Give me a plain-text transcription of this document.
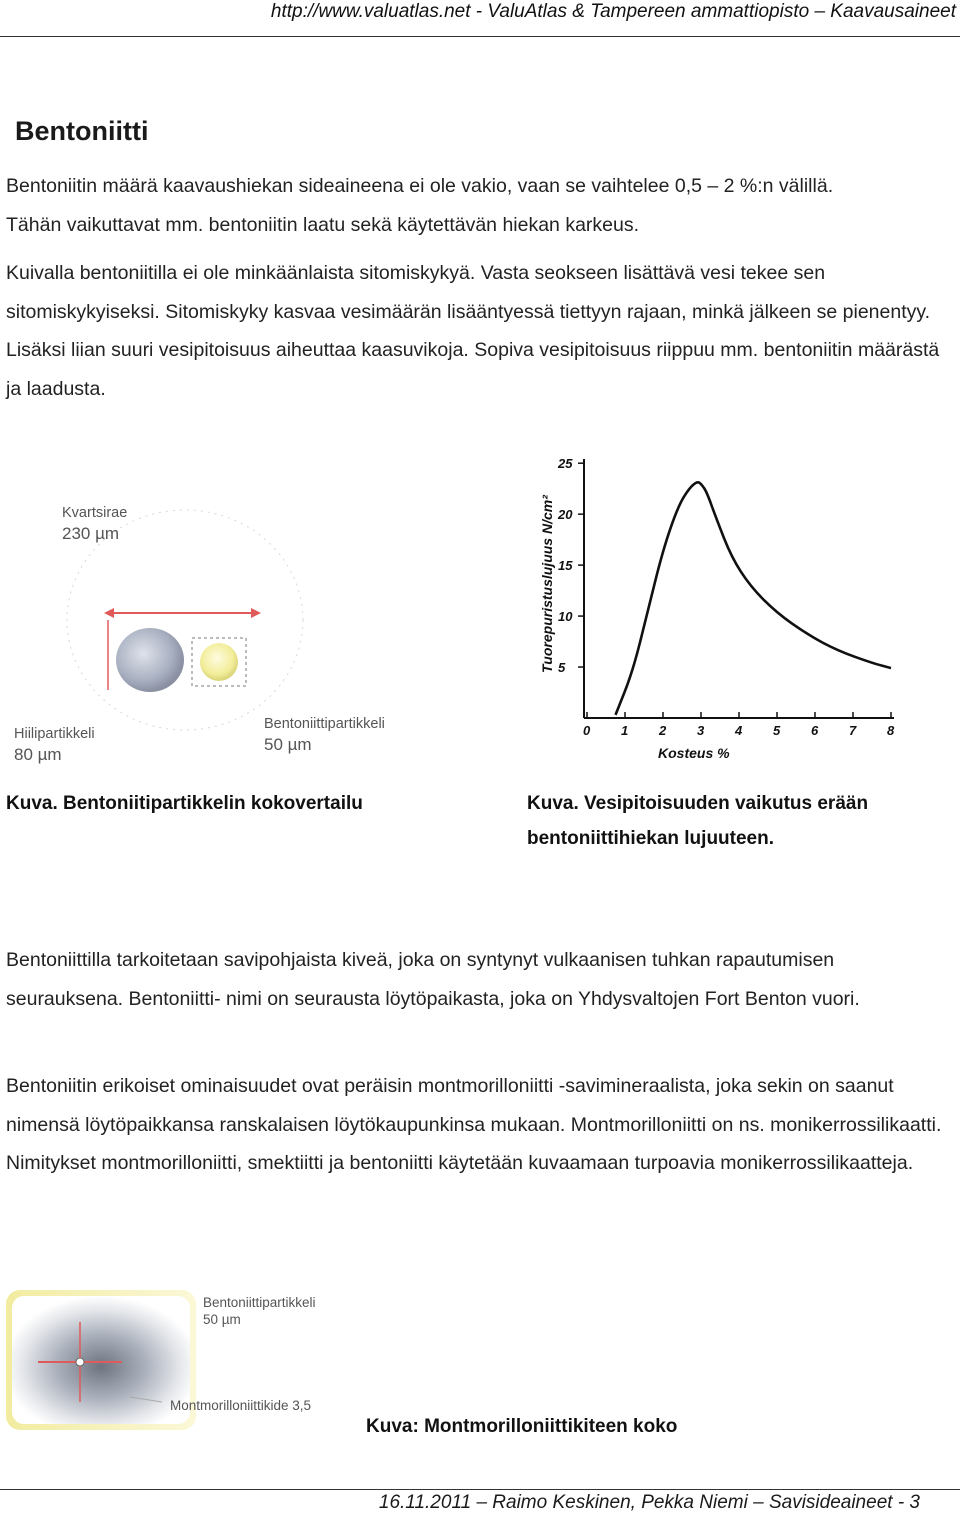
http://www.valuatlas.net - ValuAtlas & Tampereen ammattiopisto – Kaavausaineet
Bentoniitti
Bentoniitin määrä kaavaushiekan sideaineena ei ole vakio, vaan se vaihtelee 0,5 – 2 %:n välillä.
Tähän vaikuttavat mm. bentoniitin laatu sekä käytettävän hiekan karkeus.
Kuivalla bentoniitilla ei ole minkäänlaista sitomiskykyä. Vasta seokseen lisättävä vesi tekee sen sitomiskykyiseksi. Sitomiskyky kasvaa vesimäärän lisääntyessä tiettyyn rajaan, minkä jälkeen se pienentyy. Lisäksi liian suuri vesipitoisuus aiheuttaa kaasuvikoja. Sopiva vesipitoisuus riippuu mm. bentoniitin määrästä ja laadusta.
Kvartsirae
230 µm
Hiilipartikkeli
80 µm
Bentoniittipartikkeli
50 µm
0 1 2 3 4 5 6 7 8
5
10
15
20
25
Kosteus %
Tuorepuristuslujuus N/cm²
Kuva. Bentoniitipartikkelin kokovertailu	Kuva. Vesipitoisuuden vaikutus erään
bentoniittihiekan lujuuteen.
Bentoniittilla tarkoitetaan savipohjaista kiveä, joka on syntynyt vulkaanisen tuhkan rapautumisen seurauksena. Bentoniitti- nimi on seurausta löytöpaikasta, joka on Yhdysvaltojen Fort Benton vuori.
Bentoniitin erikoiset ominaisuudet ovat peräisin montmorilloniitti -savimineraalista, joka sekin on saanut nimensä löytöpaikkansa ranskalaisen löytökaupunkinsa mukaan. Montmorilloniitti on ns. monikerrossilikaatti. Nimitykset montmorilloniitti, smektiitti ja bentoniitti käytetään kuvaamaan turpoavia monikerrossilikaatteja.
Bentoniittipartikkeli
50 µm
Montmorilloniittikide 3,5
Kuva: Montmorilloniittikiteen koko
16.11.2011 – Raimo Keskinen, Pekka Niemi – Savisideaineet - 3
